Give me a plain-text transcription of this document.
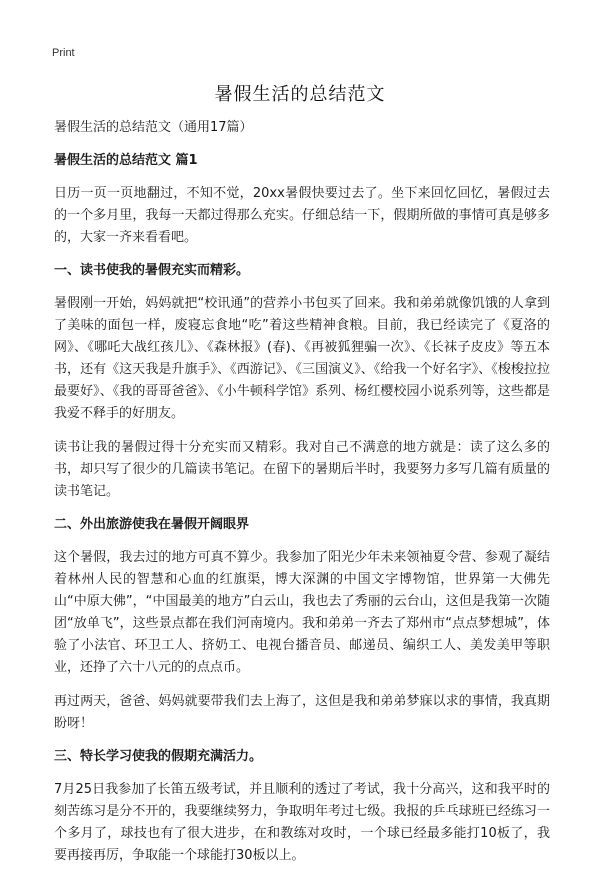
Print
暑假生活的总结范文

暑假生活的总结范文（通用17篇）

暑假生活的总结范文 篇1

日历一页一页地翻过，不知不觉，20xx暑假快要过去了。坐下来回忆回忆，暑假过去的一个多月里，我每一天都过得那么充实。仔细总结一下，假期所做的事情可真是够多的，大家一齐来看看吧。

一、读书使我的暑假充实而精彩。

暑假刚一开始，妈妈就把“校讯通”的营养小书包买了回来。我和弟弟就像饥饿的人拿到了美味的面包一样，废寝忘食地“吃”着这些精神食粮。目前，我已经读完了《夏洛的网》、《哪吒大战红孩儿》、《森林报》(春)、《再被狐狸骗一次》、《长袜子皮皮》等五本书，还有《这天我是升旗手》、《西游记》、《三国演义》、《给我一个好名字》、《梭梭拉拉最要好》、《我的哥哥爸爸》、《小牛顿科学馆》系列、杨红樱校园小说系列等，这些都是我爱不释手的好朋友。

读书让我的暑假过得十分充实而又精彩。我对自己不满意的地方就是：读了这么多的书，却只写了很少的几篇读书笔记。在留下的暑期后半时，我要努力多写几篇有质量的读书笔记。

二、外出旅游使我在暑假开阔眼界

这个暑假，我去过的地方可真不算少。我参加了阳光少年未来领袖夏令营、参观了凝结着林州人民的智慧和心血的红旗渠，博大深渊的中国文字博物馆，世界第一大佛先山“中原大佛”，“中国最美的地方”白云山，我也去了秀丽的云台山，这但是我第一次随团“放单飞”，这些景点都在我们河南境内。我和弟弟一齐去了郑州市“点点梦想城”，体验了小法官、环卫工人、挤奶工、电视台播音员、邮递员、编织工人、美发美甲等职业，还挣了六十八元的的点点币。

再过两天，爸爸、妈妈就要带我们去上海了，这但是我和弟弟梦寐以求的事情，我真期盼呀！

三、特长学习使我的假期充满活力。

7月25日我参加了长笛五级考试，并且顺利的透过了考试，我十分高兴，这和我平时的刻苦练习是分不开的，我要继续努力，争取明年考过七级。我报的乒乓球班已经练习一个多月了，球技也有了很大进步，在和教练对攻时，一个球已经最多能打10板了，我要再接再厉，争取能一个球能打30板以上。
